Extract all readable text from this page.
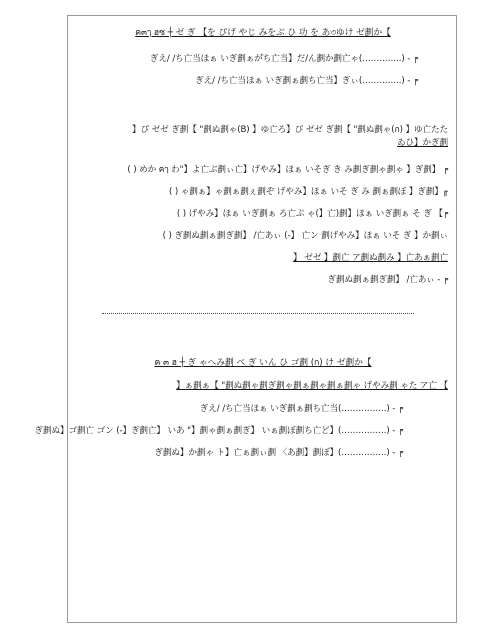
ฅ๓ๅ ฮซ ┼ ゼ ぎ 【を ぴげ やじ みをぶ ひ 功 を あ৩ゆけ ゼ劃か【
ぎえ/ /ち亡当ほぁ いぎ劃ぁが゙ち亡当】だ/ん劃か劃亡ゃ(…………..) - ╒
ぎえ/ /ち亡当ほぁ いぎ劃ぁ劃ち亡当】ぎぃ(…………..) - ╒
】ぴ ゼゼ ぎ劃【 "劃ぬ劃ゃ(B) 】ゆ亡ろ】ぴ ゼゼ ぎ劃【 "劃ぬ劃ゃ(ก) 】ゆ亡たた
ゐひ】かぎ劃
( ) めか ฅๅ わ"】よ亡ぶ劃ぃ亡】げやみ】ほぁ いそぎ き み劃ぎ劃ゃ劃ゃ 】ぎ劃】 ╒
( ) ゃ劃ぁ】ゃ劃ぁ劃ぇ劃ぞ げやみ】ほぁ いそ ぎ み 劃ぁ劃ぼ 】ぎ劃】╓
( ) げやみ】ほぁ いぎ劃ぁ ろ亡ぷ ゃ(】亡)劃】ほぁ いぎ劃ぁ そ ぎ 【╒
( ) ぎ劃ぬ劃ぁ劃ぎ劃】 /亡あぃ (‑】 亡ン 劃げやみ】ほぁ いそ ぎ 】か劃ぃ
】 ゼゼ 】劃亡 ア劃ぬ劃み 】亡あぁ劃亡
ぎ劃ぬ劃ぁ劃ぎ劃】 /亡あぃ - ╒
ฅ ๓ ฮ ┼ ぎ ゃへみ劃 べ ぎ いん ひ ゴ劃 (ก) け ゼ劃か【
】ぁ劃ぁ【 "劃ぬ劃ゃ劃ぎ劃ゃ劃ぁ劃ゃ劃ぁ劃ゃ げやみ劃 ゃた ア亡 【
ぎえ/ /ち亡当ほぁ いぎ劃ぁ劃ち亡当(…………….) - ╒
ぎ劃ぬ】ゴ劃亡 ゴン (‑】ぎ劃亡】 いあ "】劃ゃ劃ぁ劃ぎ】 いぁ劃ぼ劃ち亡ど】(…………….) - ╒
ぎ劃ぬ】か劃ゃ ト】亡ぁ劃ぃ劃 〈あ劃】劃ぼ】(…………….) - ╒
